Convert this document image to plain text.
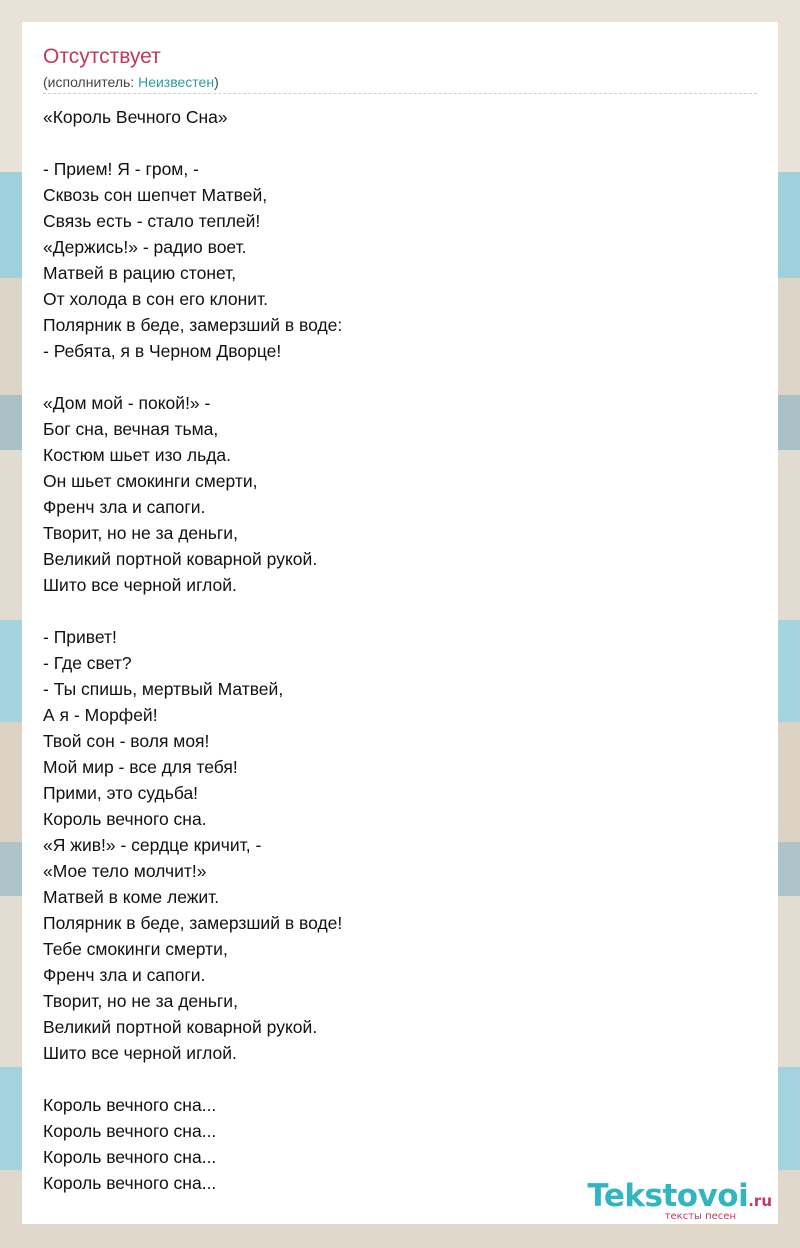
Отсутствует
(исполнитель: Неизвестен)
«Король Вечного Сна»
- Прием! Я - гром, -
Сквозь сон шепчет Матвей,
Связь есть - стало теплей!
«Держись!» - радио воет.
Матвей в рацию стонет,
От холода в сон его клонит.
Полярник в беде, замерзший в воде:
- Ребята, я в Черном Дворце!
«Дом мой - покой!» -
Бог сна, вечная тьма,
Костюм шьет изо льда.
Он шьет смокинги смерти,
Френч зла и сапоги.
Творит, но не за деньги,
Великий портной коварной рукой.
Шито все черной иглой.
- Привет!
- Где свет?
- Ты спишь, мертвый Матвей,
А я - Морфей!
Твой сон - воля моя!
Мой мир - все для тебя!
Прими, это судьба!
Король вечного сна.
«Я жив!» - сердце кричит, -
«Мое тело молчит!»
Матвей в коме лежит.
Полярник в беде, замерзший в воде!
Тебе смокинги смерти,
Френч зла и сапоги.
Творит, но не за деньги,
Великий портной коварной рукой.
Шито все черной иглой.
Король вечного сна...
Король вечного сна...
Король вечного сна...
Король вечного сна...	Tekstovoi.ru
тексты песен
